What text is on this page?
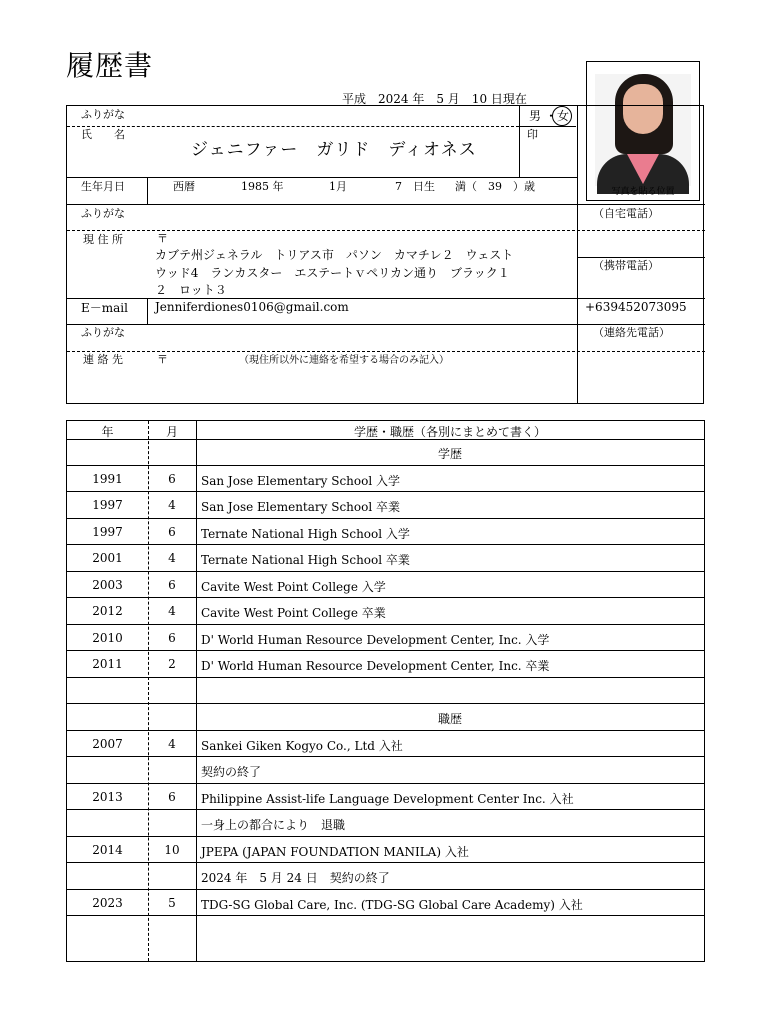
履歴書
平成　2024 年　5 月　10 日現在
写真を貼る位置
ふりがな	男 ・ 女
氏　　名
ジェニファー　ガリド　ディオネス
印
生年月日	西暦	1985 年	1月	7　日生 満（　39　）歳
ふりがな	（自宅電話）
現 住 所	〒
カブテ州ジェネラル　トリアス市　パソン　カマチレ２　ウェスト
ウッド4　ランカスター　エステートｖペリカン通り　ブラック１
２　ロット３
（携帯電話）
E－mail Jenniferdiones0106@gmail.com	+639452073095
ふりがな	（連絡先電話）
連 絡 先	〒	（現住所以外に連絡を希望する場合のみ記入）
年	月	学歴・職歴（各別にまとめて書く）
学歴
1991	6	San Jose Elementary School 入学
1997	4	San Jose Elementary School 卒業
1997	6	Ternate National High School 入学
2001	4	Ternate National High School 卒業
2003	6	Cavite West Point College 入学
2012	4	Cavite West Point College 卒業
2010	6	D' World Human Resource Development Center, Inc. 入学
2011	2	D' World Human Resource Development Center, Inc. 卒業
職歴
2007	4	Sankei Giken Kogyo Co., Ltd 入社
契約の終了
2013	6	Philippine Assist-life Language Development Center Inc. 入社
一身上の都合により　退職
2014	10	JPEPA (JAPAN FOUNDATION MANILA) 入社
2024 年　5 月 24 日　契約の終了
2023	5	TDG-SG Global Care, Inc. (TDG-SG Global Care Academy) 入社
